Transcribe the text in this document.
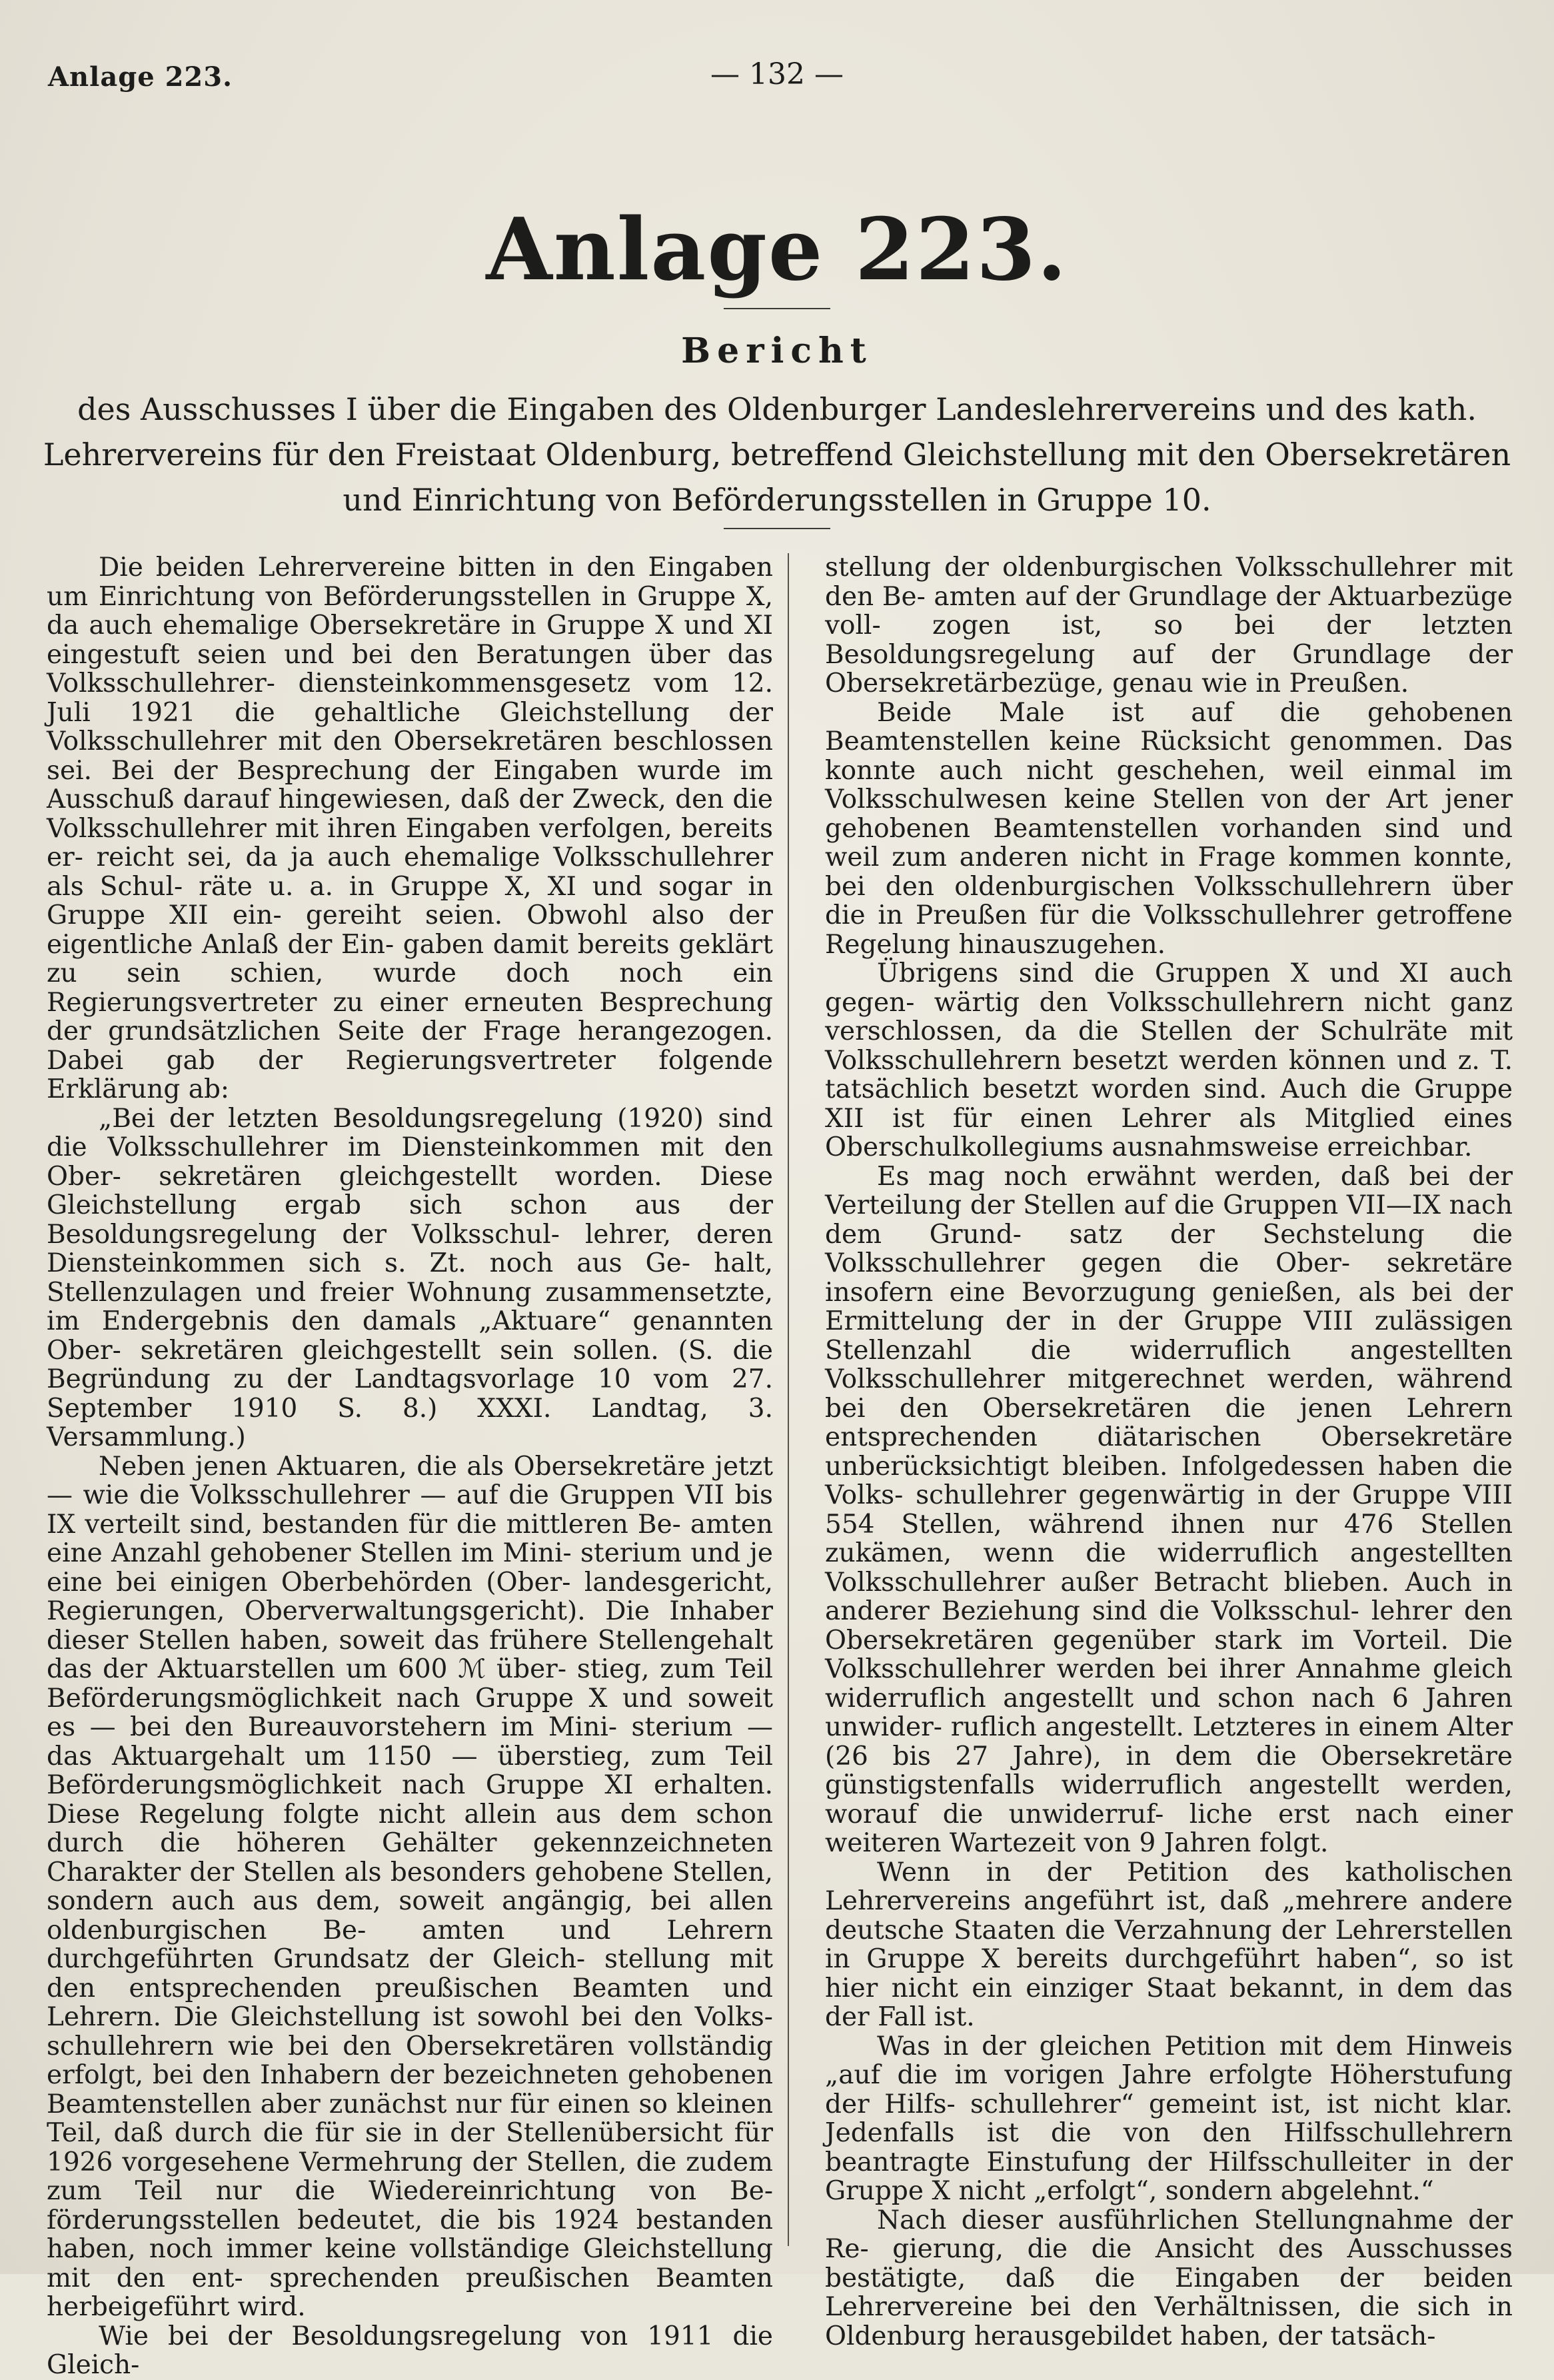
Anlage 223.	— 132 —
Anlage 223.
Bericht
des Ausschusses I über die Eingaben des Oldenburger Landeslehrervereins und des kath. Lehrervereins für den Freistaat Oldenburg, betreffend Gleichstellung mit den Obersekretären und Einrichtung von Beförderungsstellen in Gruppe 10.

Die beiden Lehrervereine bitten in den Eingaben um Einrichtung von Beförderungsstellen in Gruppe X, da auch ehemalige Obersekretäre in Gruppe X und XI eingestuft seien und bei den Beratungen über das Volksschullehrer- diensteinkommensgesetz vom 12. Juli 1921 die gehaltliche Gleichstellung der Volksschullehrer mit den Obersekretären beschlossen sei. Bei der Besprechung der Eingaben wurde im Ausschuß darauf hingewiesen, daß der Zweck, den die Volksschullehrer mit ihren Eingaben verfolgen, bereits er- reicht sei, da ja auch ehemalige Volksschullehrer als Schul- räte u. a. in Gruppe X, XI und sogar in Gruppe XII ein- gereiht seien. Obwohl also der eigentliche Anlaß der Ein- gaben damit bereits geklärt zu sein schien, wurde doch noch ein Regierungsvertreter zu einer erneuten Besprechung der grundsätzlichen Seite der Frage herangezogen. Dabei gab der Regierungsvertreter folgende Erklärung ab:

„Bei der letzten Besoldungsregelung (1920) sind die Volksschullehrer im Diensteinkommen mit den Ober- sekretären gleichgestellt worden. Diese Gleichstellung ergab sich schon aus der Besoldungsregelung der Volksschul- lehrer, deren Diensteinkommen sich s. Zt. noch aus Ge- halt, Stellenzulagen und freier Wohnung zusammensetzte, im Endergebnis den damals „Aktuare“ genannten Ober- sekretären gleichgestellt sein sollen. (S. die Begründung zu der Landtagsvorlage 10 vom 27. September 1910 S. 8.) XXXI. Landtag, 3. Versammlung.)

Neben jenen Aktuaren, die als Obersekretäre jetzt — wie die Volksschullehrer — auf die Gruppen VII bis IX verteilt sind, bestanden für die mittleren Be- amten eine Anzahl gehobener Stellen im Mini- sterium und je eine bei einigen Oberbehörden (Ober- landesgericht, Regierungen, Oberverwaltungsgericht). Die Inhaber dieser Stellen haben, soweit das frühere Stellengehalt das der Aktuarstellen um 600 ℳ über- stieg, zum Teil Beförderungsmöglichkeit nach Gruppe X und soweit es — bei den Bureauvorstehern im Mini- sterium — das Aktuargehalt um 1150 — überstieg, zum Teil Beförderungsmöglichkeit nach Gruppe XI erhalten. Diese Regelung folgte nicht allein aus dem schon durch die höheren Gehälter gekennzeichneten Charakter der Stellen als besonders gehobene Stellen, sondern auch aus dem, soweit angängig, bei allen oldenburgischen Be- amten und Lehrern durchgeführten Grundsatz der Gleich- stellung mit den entsprechenden preußischen Beamten und Lehrern. Die Gleichstellung ist sowohl bei den Volks- schullehrern wie bei den Obersekretären vollständig erfolgt, bei den Inhabern der bezeichneten gehobenen Beamtenstellen aber zunächst nur für einen so kleinen Teil, daß durch die für sie in der Stellenübersicht für 1926 vorgesehene Vermehrung der Stellen, die zudem zum Teil nur die Wiedereinrichtung von Be- förderungsstellen bedeutet, die bis 1924 bestanden haben, noch immer keine vollständige Gleichstellung mit den ent- sprechenden preußischen Beamten herbeigeführt wird.

Wie bei der Besoldungsregelung von 1911 die Gleich-

stellung der oldenburgischen Volksschullehrer mit den Be- amten auf der Grundlage der Aktuarbezüge voll- zogen ist, so bei der letzten Besoldungsregelung auf der Grundlage der Obersekretärbezüge, genau wie in Preußen.

Beide Male ist auf die gehobenen Beamtenstellen keine Rücksicht genommen. Das konnte auch nicht geschehen, weil einmal im Volksschulwesen keine Stellen von der Art jener gehobenen Beamtenstellen vorhanden sind und weil zum anderen nicht in Frage kommen konnte, bei den oldenburgischen Volksschullehrern über die in Preußen für die Volksschullehrer getroffene Regelung hinauszugehen.

Übrigens sind die Gruppen X und XI auch gegen- wärtig den Volksschullehrern nicht ganz verschlossen, da die Stellen der Schulräte mit Volksschullehrern besetzt werden können und z. T. tatsächlich besetzt worden sind. Auch die Gruppe XII ist für einen Lehrer als Mitglied eines Oberschulkollegiums ausnahmsweise erreichbar.

Es mag noch erwähnt werden, daß bei der Verteilung der Stellen auf die Gruppen VII—IX nach dem Grund- satz der Sechstelung die Volksschullehrer gegen die Ober- sekretäre insofern eine Bevorzugung genießen, als bei der Ermittelung der in der Gruppe VIII zulässigen Stellenzahl die widerruflich angestellten Volksschullehrer mitgerechnet werden, während bei den Obersekretären die jenen Lehrern entsprechenden diätarischen Obersekretäre unberücksichtigt bleiben. Infolgedessen haben die Volks- schullehrer gegenwärtig in der Gruppe VIII 554 Stellen, während ihnen nur 476 Stellen zukämen, wenn die widerruflich angestellten Volksschullehrer außer Betracht blieben. Auch in anderer Beziehung sind die Volksschul- lehrer den Obersekretären gegenüber stark im Vorteil. Die Volksschullehrer werden bei ihrer Annahme gleich widerruflich angestellt und schon nach 6 Jahren unwider- ruflich angestellt. Letzteres in einem Alter (26 bis 27 Jahre), in dem die Obersekretäre günstigstenfalls widerruflich angestellt werden, worauf die unwiderruf- liche erst nach einer weiteren Wartezeit von 9 Jahren folgt.

Wenn in der Petition des katholischen Lehrervereins angeführt ist, daß „mehrere andere deutsche Staaten die Verzahnung der Lehrerstellen in Gruppe X bereits durchgeführt haben“, so ist hier nicht ein einziger Staat bekannt, in dem das der Fall ist.

Was in der gleichen Petition mit dem Hinweis „auf die im vorigen Jahre erfolgte Höherstufung der Hilfs- schullehrer“ gemeint ist, ist nicht klar. Jedenfalls ist die von den Hilfsschullehrern beantragte Einstufung der Hilfsschulleiter in der Gruppe X nicht „erfolgt“, sondern abgelehnt.“

Nach dieser ausführlichen Stellungnahme der Re- gierung, die die Ansicht des Ausschusses bestätigte, daß die Eingaben der beiden Lehrervereine bei den Verhältnissen, die sich in Oldenburg herausgebildet haben, der tatsäch-
